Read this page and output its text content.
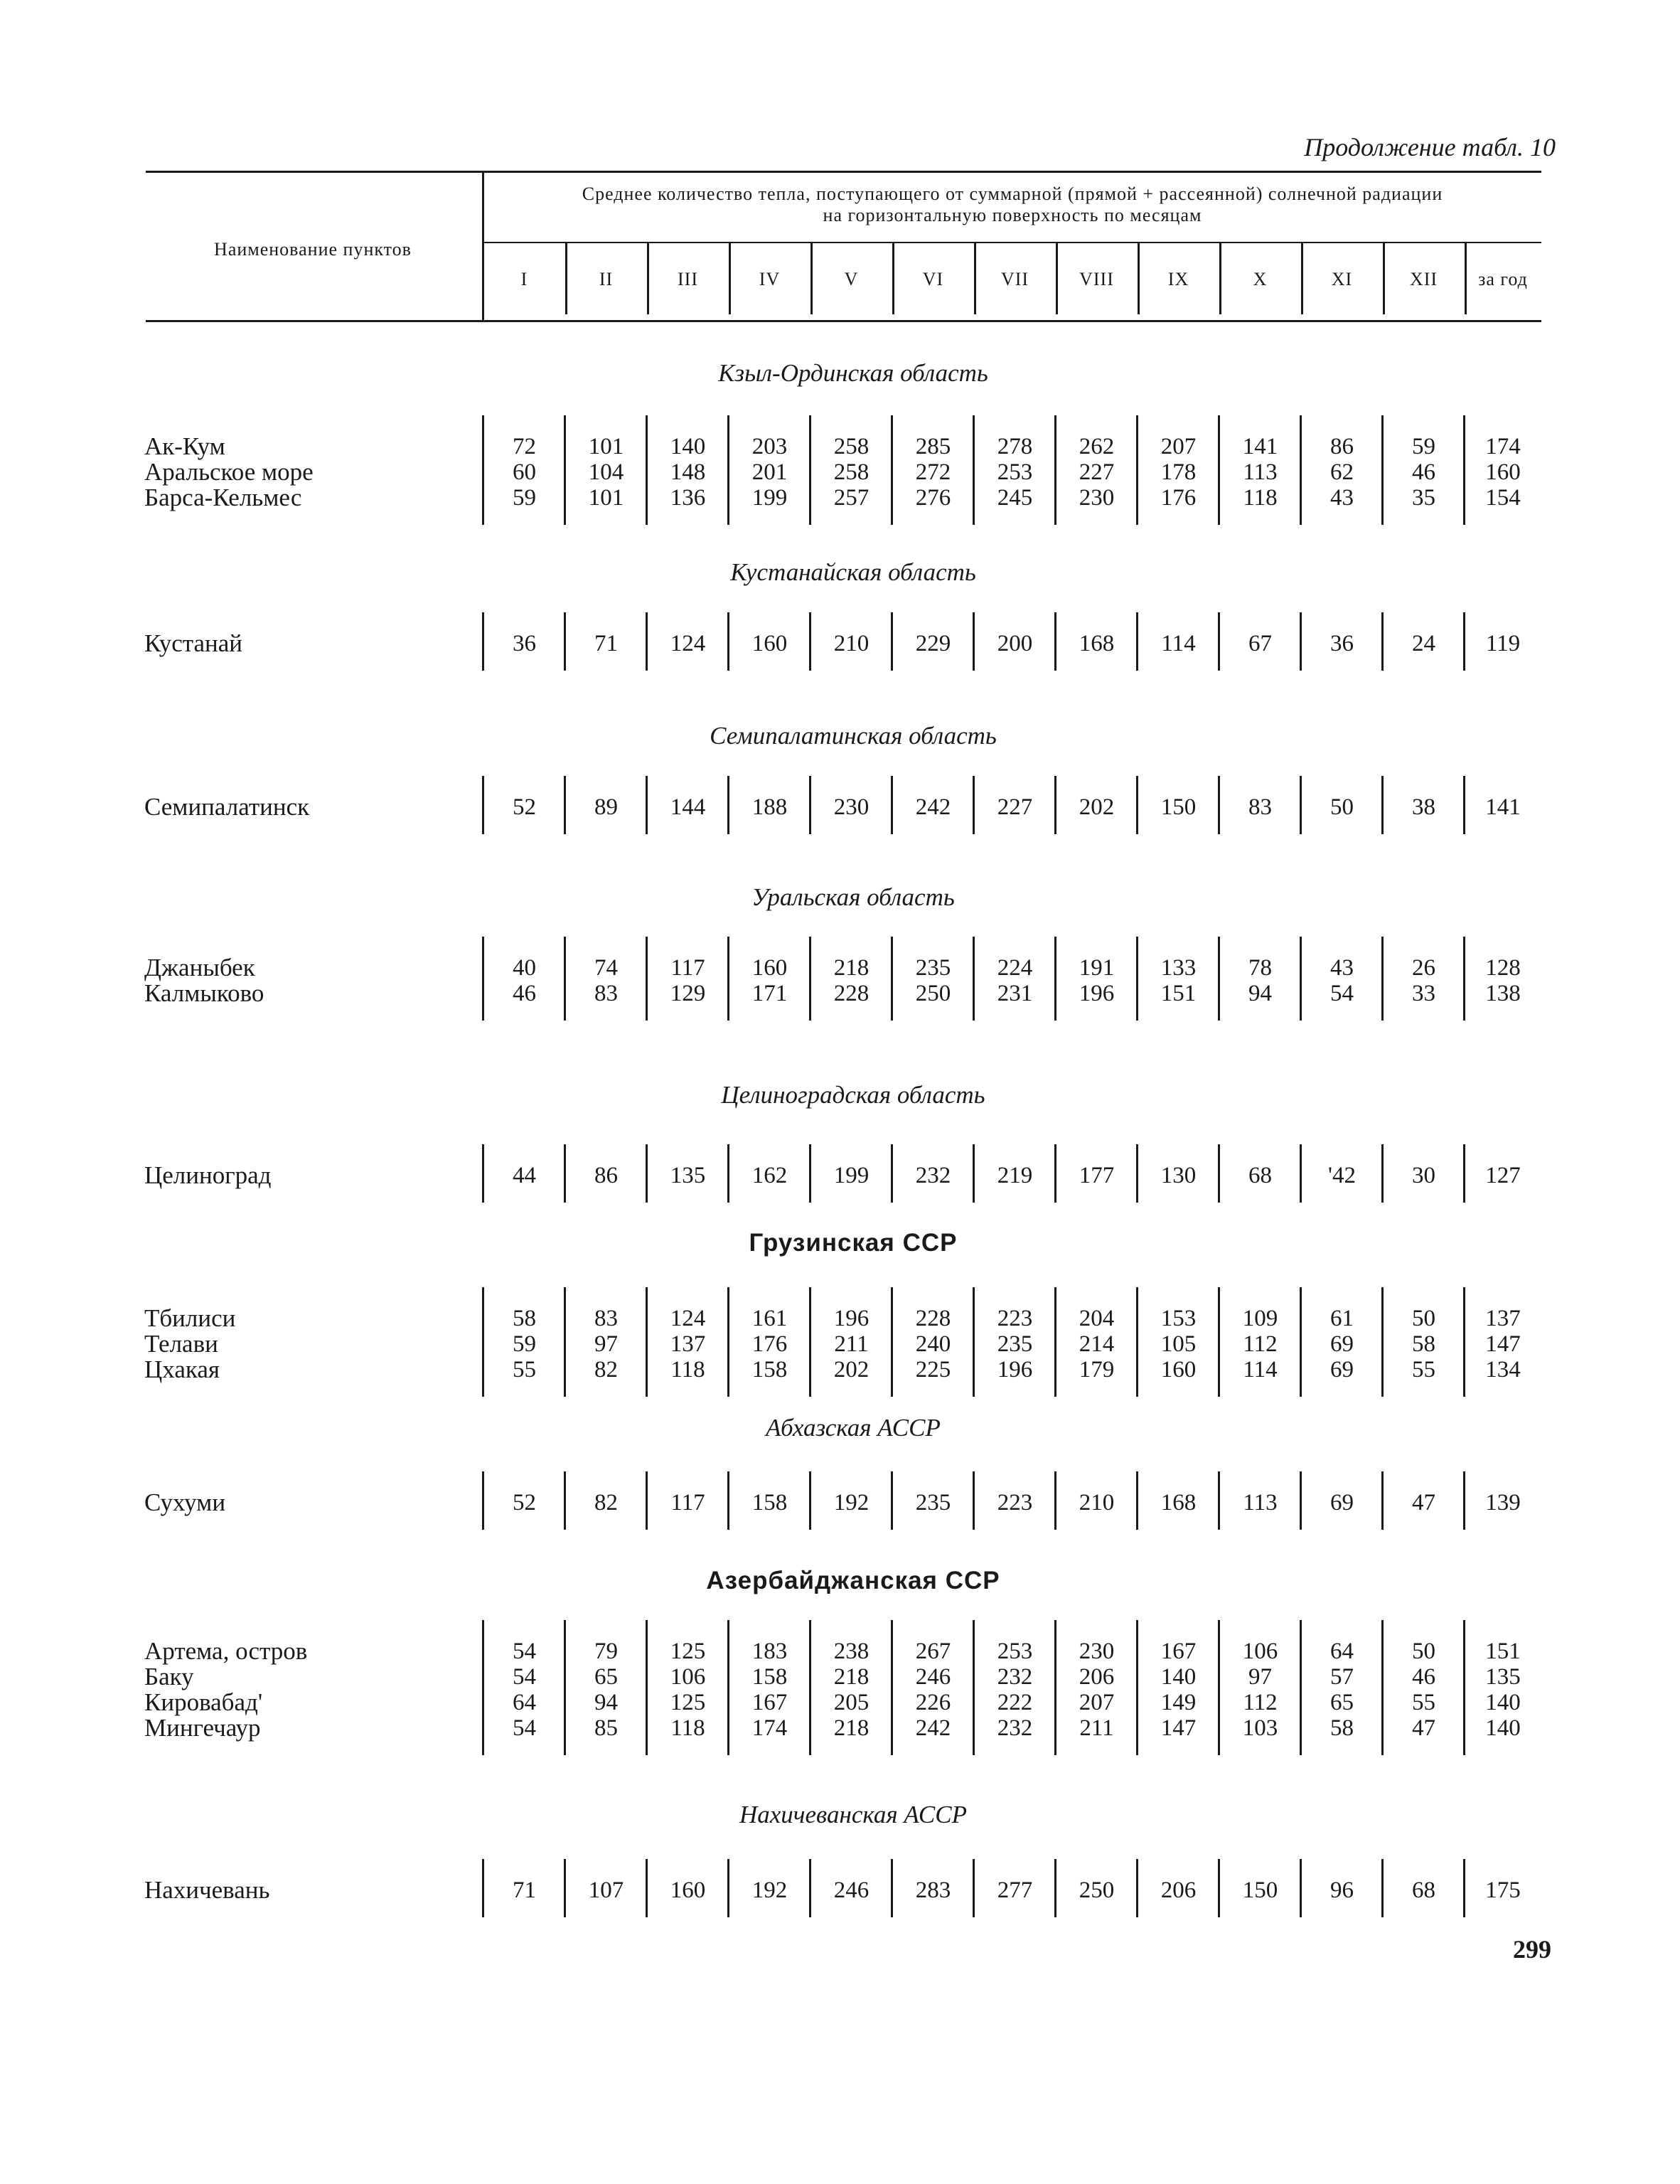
Продолжение табл. 10
Наименование пунктов
Среднее количество тепла, поступающего от суммарной (прямой + рассеянной) солнечной радиации
на горизонтальную поверхность по месяцам
I	II	III	IV	V	VI	VII	VIII	IX	X	XI	XII	за год
Кзыл-Ординская область
Ак-Кум	72	101	140	203	258	285	278	262	207	141	86	59	174
Аральское море	60	104	148	201	258	272	253	227	178	113	62	46	160
Барса-Кельмес	59	101	136	199	257	276	245	230	176	118	43	35	154
Кустанайская область
Кустанай	36	71	124	160	210	229	200	168	114	67	36	24	119
Семипалатинская область
Семипалатинск	52	89	144	188	230	242	227	202	150	83	50	38	141
Уральская область
Джаныбек	40	74	117	160	218	235	224	191	133	78	43	26	128
Калмыково	46	83	129	171	228	250	231	196	151	94	54	33	138
Целиноградская область
Целиноград	44	86	135	162	199	232	219	177	130	68	'42	30	127
Грузинская ССР
Тбилиси	58	83	124	161	196	228	223	204	153	109	61	50	137
Телави	59	97	137	176	211	240	235	214	105	112	69	58	147
Цхакая	55	82	118	158	202	225	196	179	160	114	69	55	134
Абхазская АССР
Сухуми	52	82	117	158	192	235	223	210	168	113	69	47	139
Азербайджанская ССР
Артема, остров	54	79	125	183	238	267	253	230	167	106	64	50	151
Баку	54	65	106	158	218	246	232	206	140	97	57	46	135
Кировабад'	64	94	125	167	205	226	222	207	149	112	65	55	140
Мингечаур	54	85	118	174	218	242	232	211	147	103	58	47	140
Нахичеванская АССР
Нахичевань	71	107	160	192	246	283	277	250	206	150	96	68	175
299
